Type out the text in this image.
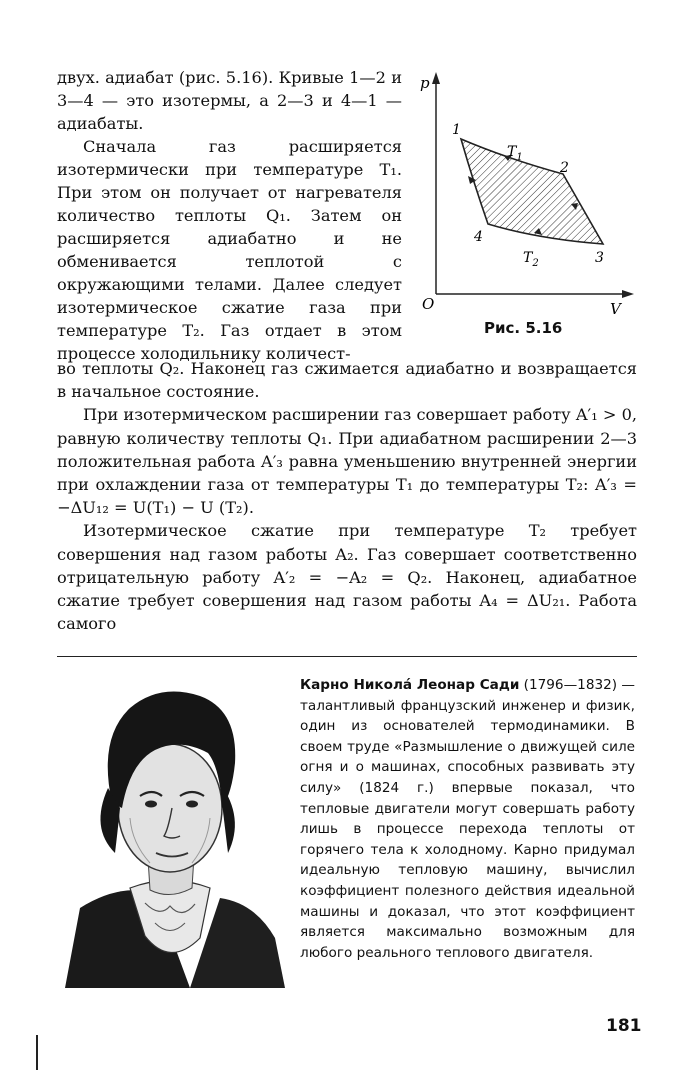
двух. адиабат (рис. 5.16). Кривые 1—2 и 3—4 — это изотермы, а 2—3 и 4—1 — адиабаты.

Сначала газ расширяется изотермически при температуре T₁. При этом он получает от нагревателя количество теплоты Q₁. Затем он расширяется адиабатно и не обменивается теплотой с окружающими телами. Далее следует изотермическое сжатие газа при температуре T₂. Газ отдает в этом процессе холодильнику количест-

p
V
O
1
2
3
4
$T_1$
$T_2$
Рис. 5.16

во теплоты Q₂. Наконец газ сжимается адиабатно и возвращается в начальное состояние.

При изотермическом расширении газ совершает работу A′₁ > 0, равную количеству теплоты Q₁. При адиабатном расширении 2—3 положительная работа A′₃ равна уменьшению внутренней энергии при охлаждении газа от температуры T₁ до температуры T₂: A′₃ = −ΔU₁₂ = U(T₁) − U (T₂).

Изотермическое сжатие при температуре T₂ требует совершения над газом работы A₂. Газ совершает соответственно отрицательную работу A′₂ = −A₂ = Q₂. Наконец, адиабатное сжатие требует совершения над газом работы A₄ = ΔU₂₁. Работа самого

Карно Никола́ Леонар Сади (1796—1832) — талантливый французский инженер и физик, один из основателей термодинамики. В своем труде «Размышление о движущей силе огня и о машинах, способных развивать эту силу» (1824 г.) впервые показал, что тепловые двигатели могут совершать работу лишь в процессе перехода теплоты от горячего тела к холодному. Карно придумал идеальную тепловую машину, вычислил коэффициент полезного действия идеальной машины и доказал, что этот коэффициент является максимально возможным для любого реального теплового двигателя.
181
